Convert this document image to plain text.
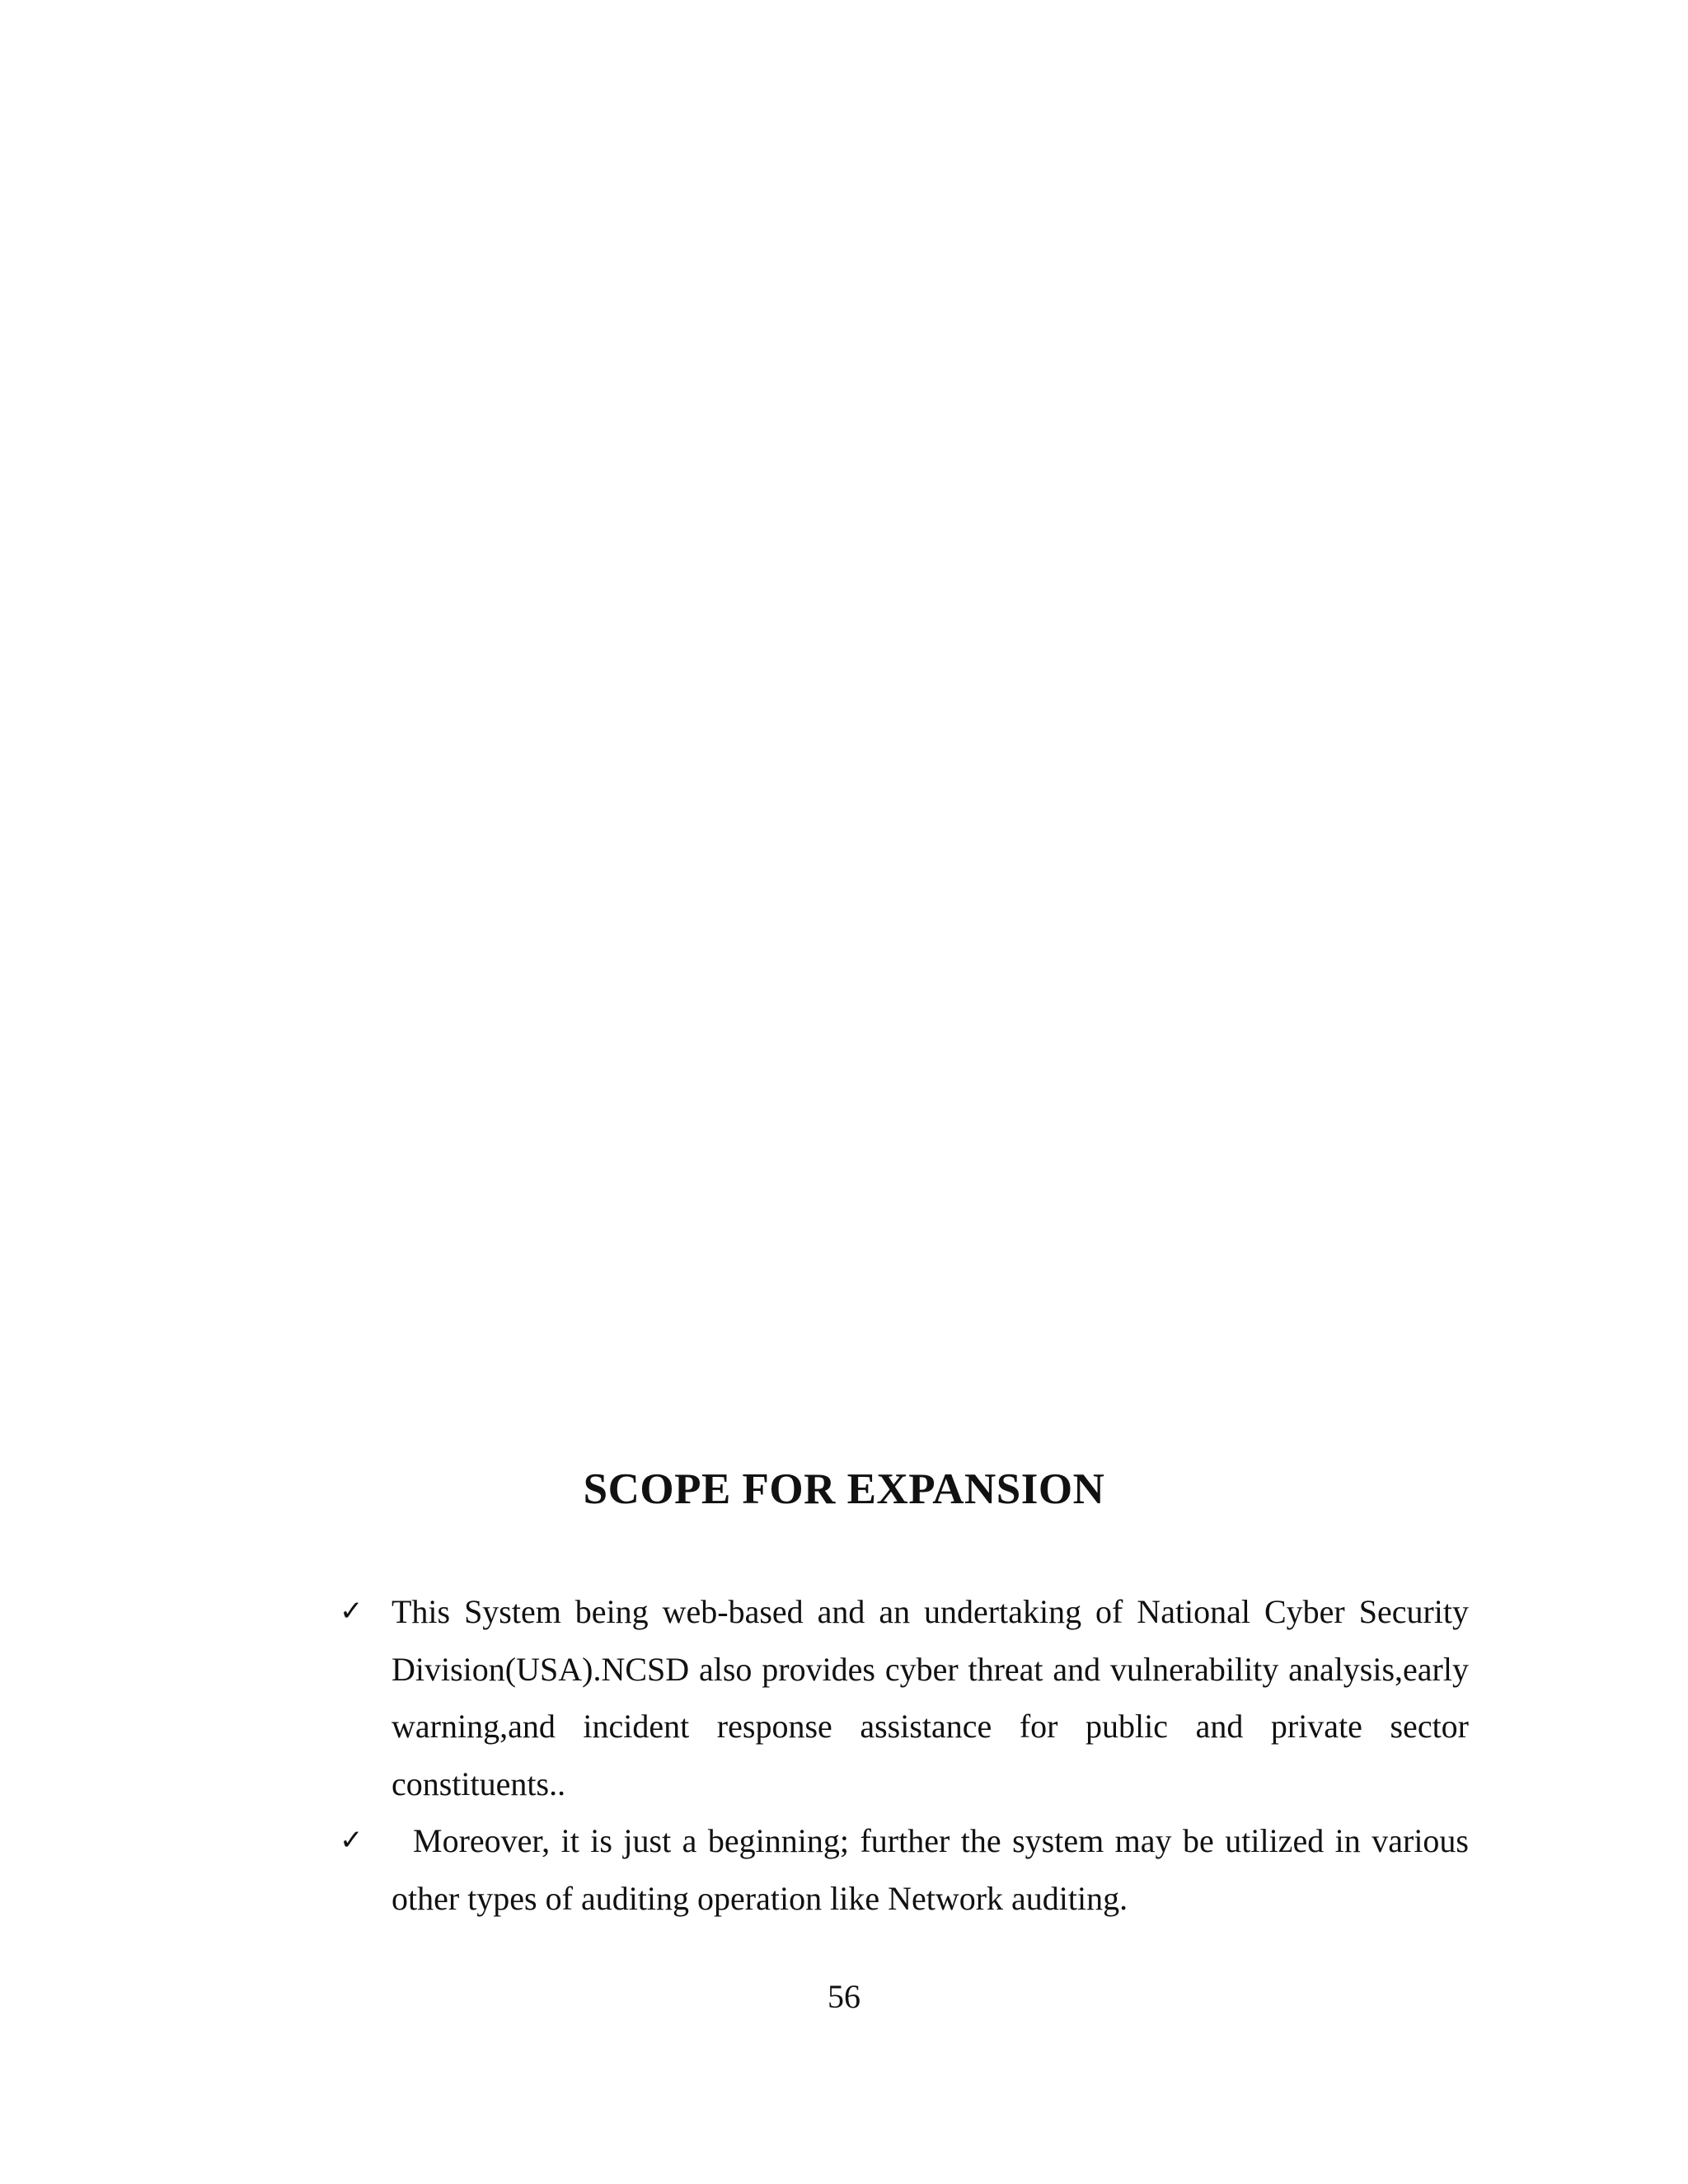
SCOPE FOR EXPANSION
✓ This System being web-based and an undertaking of National Cyber Security Division(USA).NCSD also provides cyber threat and vulnerability analysis,early warning,and incident response assistance for public and private sector constituents..
✓ Moreover, it is just a beginning; further the system may be utilized in various other types of auditing operation like Network auditing.
56
